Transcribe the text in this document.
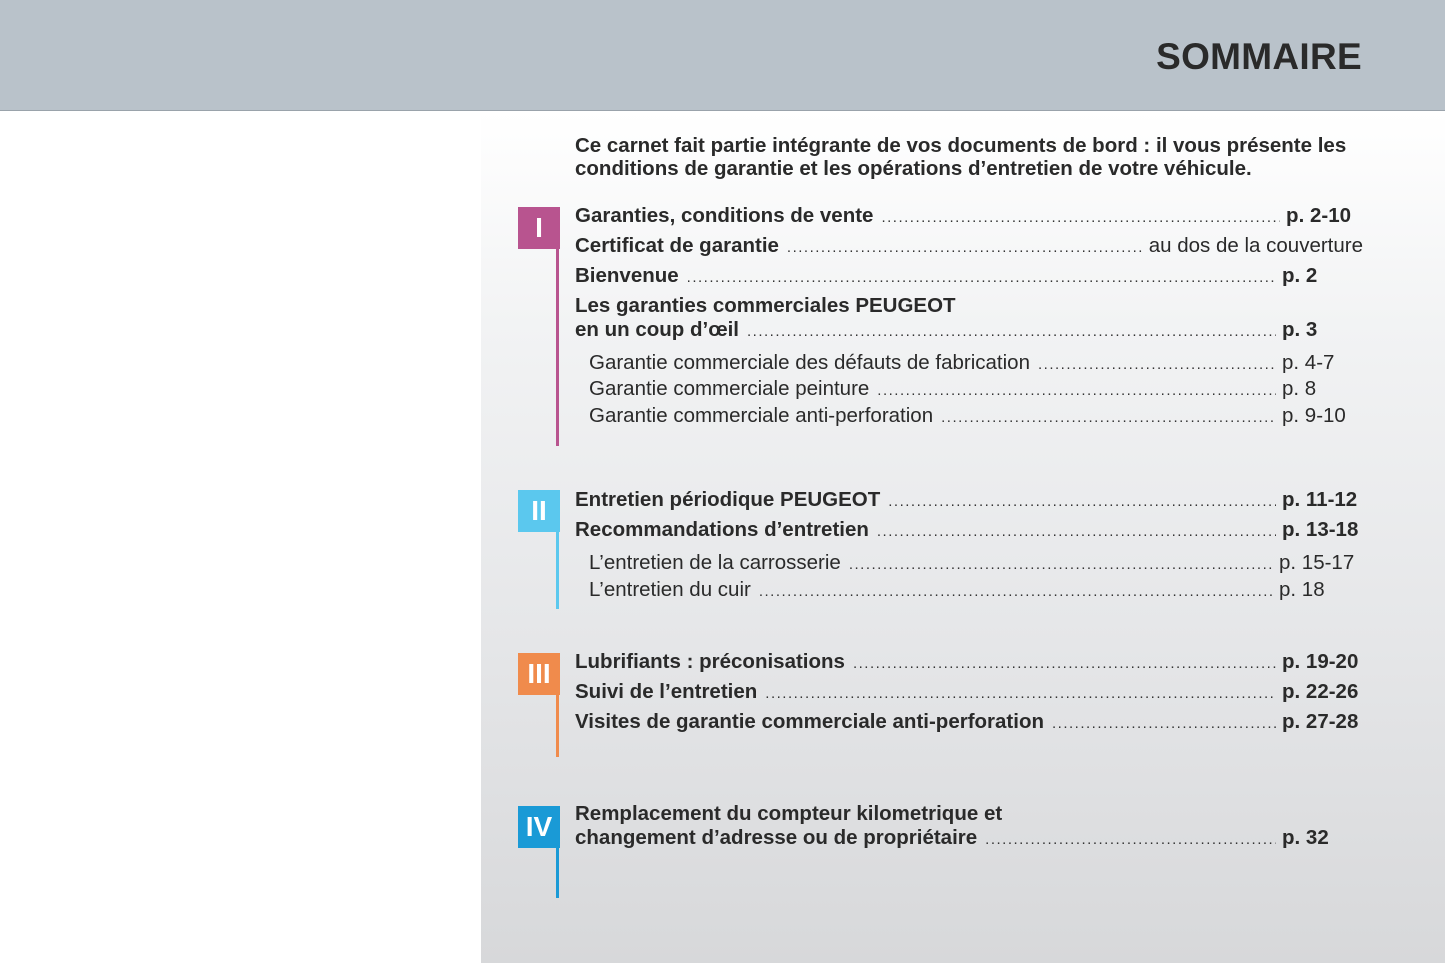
SOMMAIRE

Ce carnet fait partie intégrante de vos documents de bord : il vous présente les conditions de garantie et les opérations d’entretien de votre véhicule.

I	Garanties, conditions de vente .....	p. 2-10
Certificat de garantie .....	au dos de la couverture
Bienvenue .....	p. 2
Les garanties commerciales PEUGEOT
en un coup d’œil .....	p. 3
Garantie commerciale des défauts de fabrication .....	p. 4-7
Garantie commerciale peinture .....	p. 8
Garantie commerciale anti-perforation .....	p. 9-10
II	Entretien périodique PEUGEOT .....	p. 11-12
Recommandations d’entretien .....	p. 13-18
L’entretien de la carrosserie .....	p. 15-17
L’entretien du cuir .....	p. 18
III	Lubrifiants : préconisations .....	p. 19-20
Suivi de l’entretien .....	p. 22-26
Visites de garantie commerciale anti-perforation .....	p. 27-28
IV	Remplacement du compteur kilometrique et
changement d’adresse ou de propriétaire .....	p. 32
